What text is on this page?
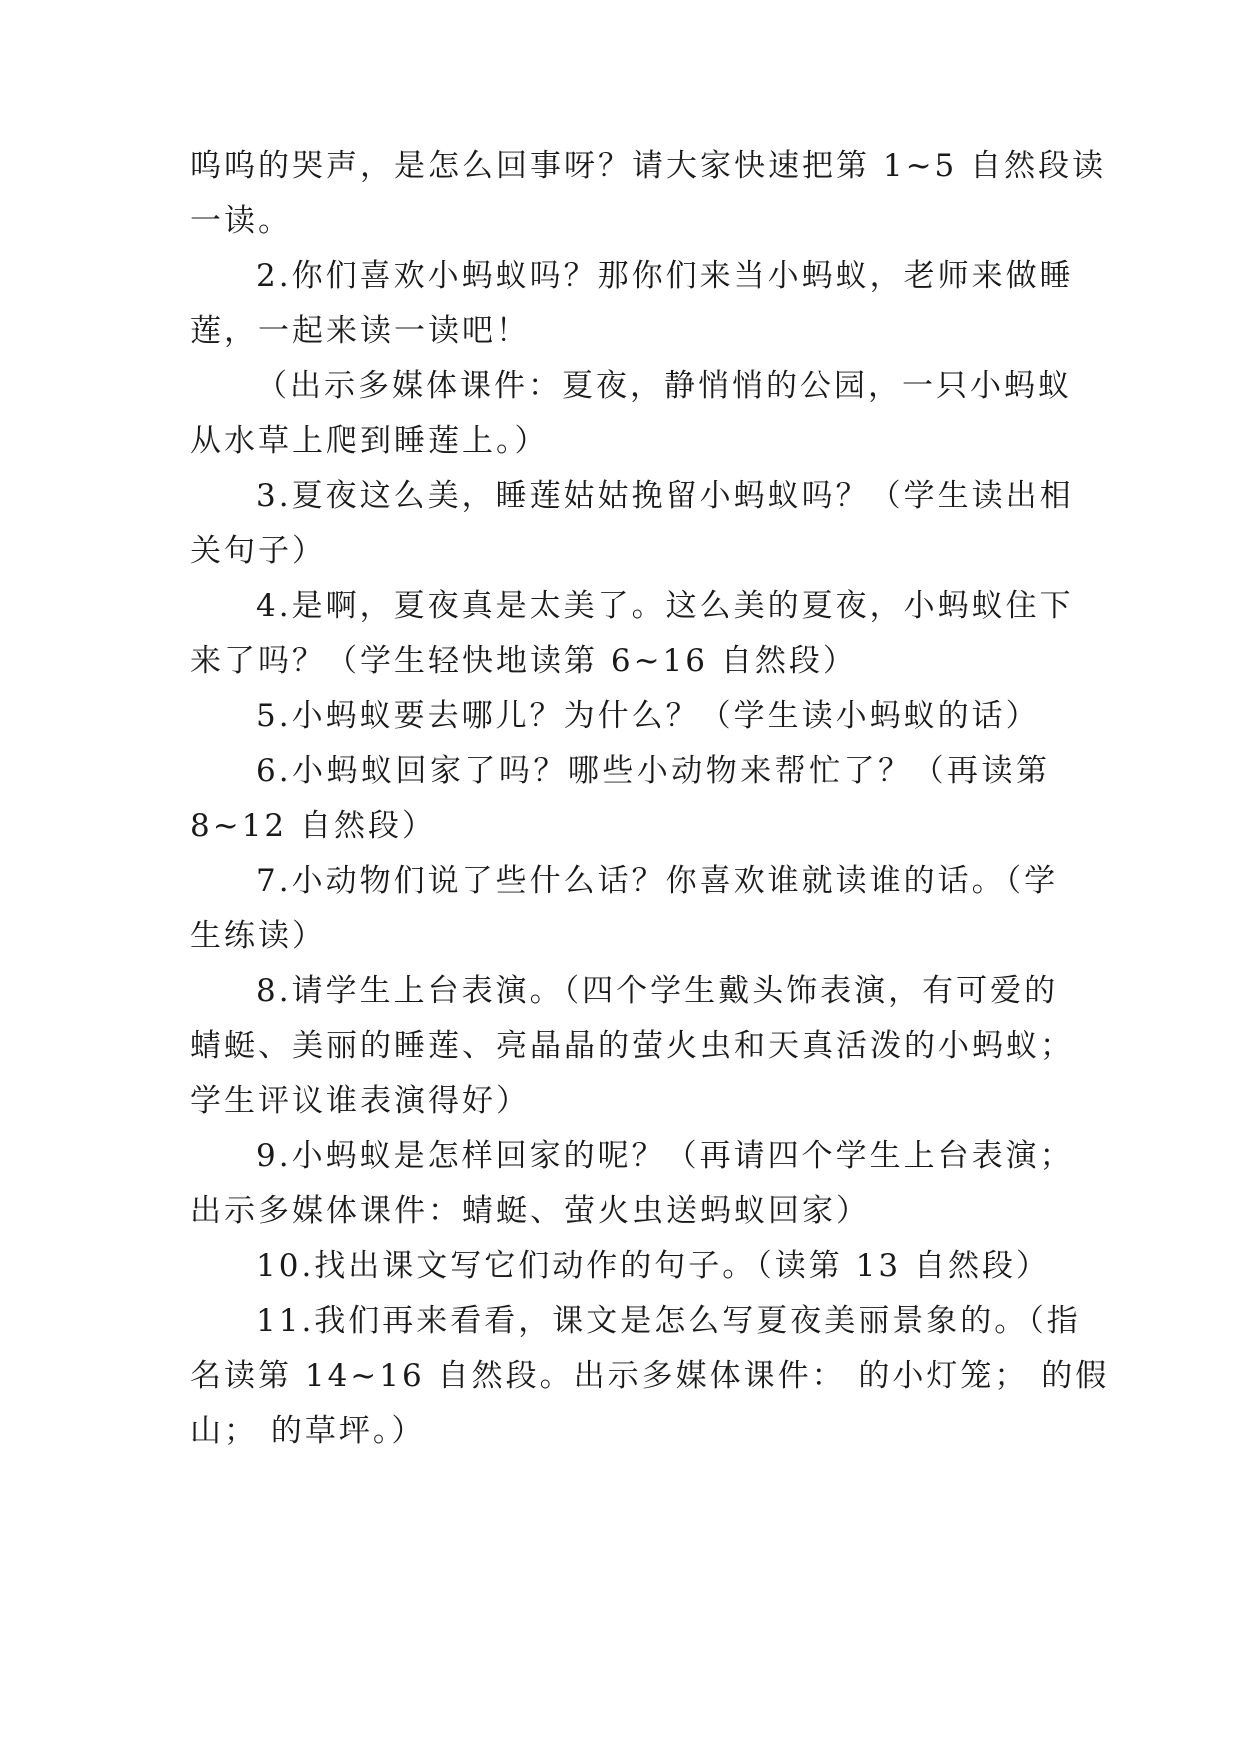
呜呜的哭声，是怎么回事呀？请大家快速把第 1~5 自然段读
一读。
2.你们喜欢小蚂蚁吗？那你们来当小蚂蚁，老师来做睡
莲，一起来读一读吧！
（出示多媒体课件：夏夜，静悄悄的公园，一只小蚂蚁
从水草上爬到睡莲上。）
3.夏夜这么美，睡莲姑姑挽留小蚂蚁吗？（学生读出相
关句子）
4.是啊，夏夜真是太美了。这么美的夏夜，小蚂蚁住下
来了吗？（学生轻快地读第 6~16 自然段）
5.小蚂蚁要去哪儿？为什么？（学生读小蚂蚁的话）
6.小蚂蚁回家了吗？哪些小动物来帮忙了？（再读第
8~12 自然段）
7.小动物们说了些什么话？你喜欢谁就读谁的话。（学
生练读）
8.请学生上台表演。（四个学生戴头饰表演，有可爱的
蜻蜓、美丽的睡莲、亮晶晶的萤火虫和天真活泼的小蚂蚁；
学生评议谁表演得好）
9.小蚂蚁是怎样回家的呢？（再请四个学生上台表演；
出示多媒体课件：蜻蜓、萤火虫送蚂蚁回家）
10.找出课文写它们动作的句子。（读第 13 自然段）
11.我们再来看看，课文是怎么写夏夜美丽景象的。（指
名读第 14~16 自然段。出示多媒体课件： 的小灯笼； 的假
山； 的草坪。）
